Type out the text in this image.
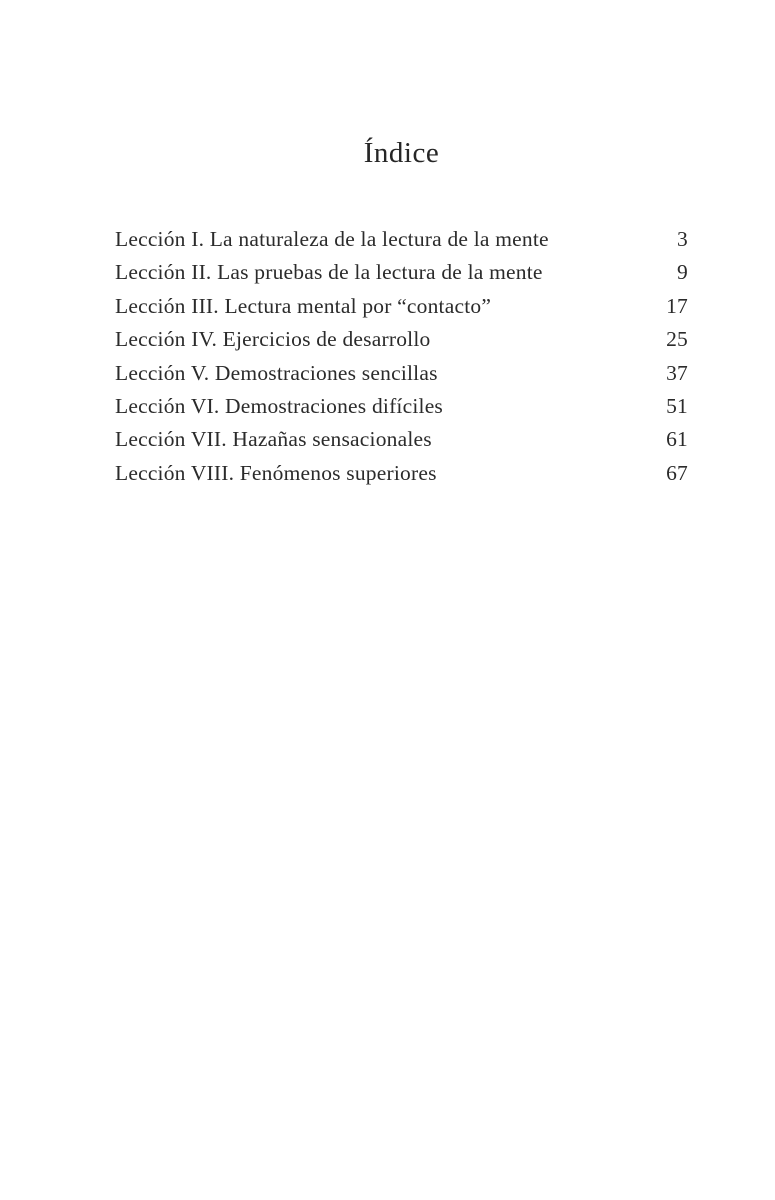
Índice
Lección I. La naturaleza de la lectura de la mente	3
Lección II. Las pruebas de la lectura de la mente	9
Lección III. Lectura mental por “contacto”	17
Lección IV. Ejercicios de desarrollo	25
Lección V. Demostraciones sencillas	37
Lección VI. Demostraciones difíciles	51
Lección VII. Hazañas sensacionales	61
Lección VIII. Fenómenos superiores	67
